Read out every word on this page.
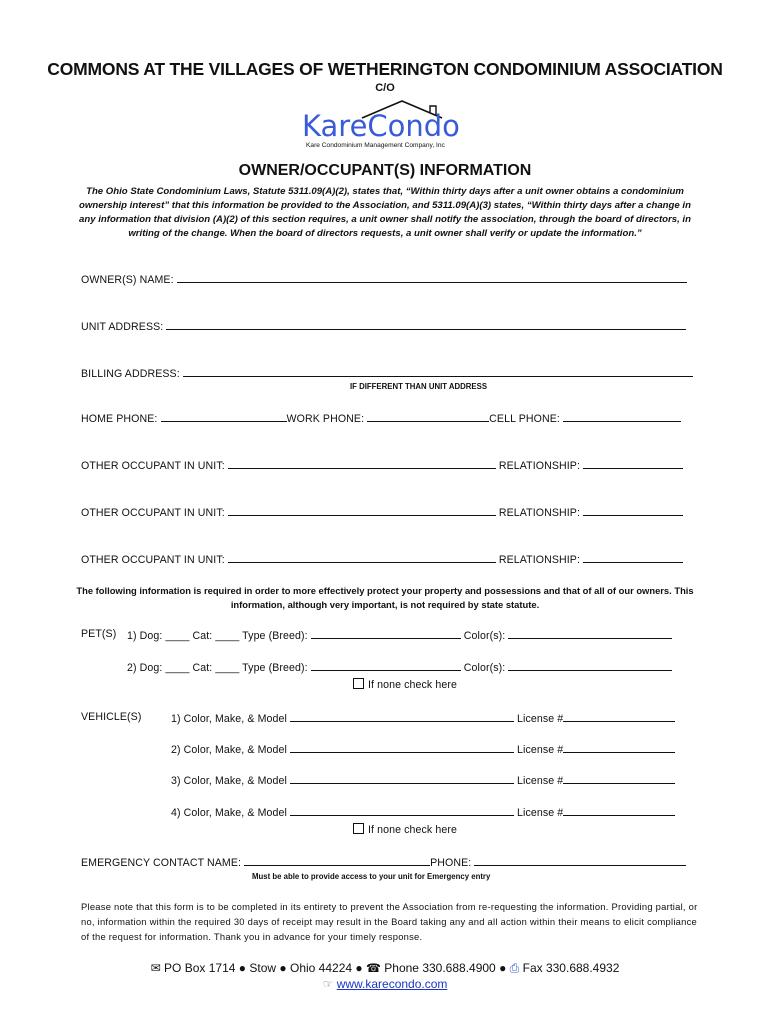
COMMONS AT THE VILLAGES OF WETHERINGTON CONDOMINIUM ASSOCIATION
C/O
KareCondo
Kare Condominium Management Company, Inc
OWNER/OCCUPANT(S) INFORMATION
The Ohio State Condominium Laws, Statute 5311.09(A)(2), states that, “Within thirty days after a unit owner obtains a condominium ownership interest” that this information be provided to the Association, and 5311.09(A)(3) states, “Within thirty days after a change in any information that division (A)(2) of this section requires, a unit owner shall notify the association, through the board of directors, in writing of the change. When the board of directors requests, a unit owner shall verify or update the information.”
OWNER(S) NAME:
UNIT ADDRESS:
BILLING ADDRESS:
IF DIFFERENT THAN UNIT ADDRESS
HOME PHONE:	WORK PHONE:	CELL PHONE:
OTHER OCCUPANT IN UNIT:	RELATIONSHIP:
OTHER OCCUPANT IN UNIT:	RELATIONSHIP:
OTHER OCCUPANT IN UNIT:	RELATIONSHIP:
The following information is required in order to more effectively protect your property and possessions and that of all of our owners. This information, although very important, is not required by state statute.
PET(S) 1) Dog: ____ Cat: ____ Type (Breed):	Color(s):
2) Dog: ____ Cat: ____ Type (Breed):	Color(s):
If none check here
VEHICLE(S)	1) Color, Make, & Model	License #
2) Color, Make, & Model	License #
3) Color, Make, & Model	License #
4) Color, Make, & Model	License #
If none check here
EMERGENCY CONTACT NAME:	PHONE:
Must be able to provide access to your unit for Emergency entry
Please note that this form is to be completed in its entirety to prevent the Association from re-requesting the information. Providing partial, or no, information within the required 30 days of receipt may result in the Board taking any and all action within their means to elicit compliance of the request for information. Thank you in advance for your timely response.
✉ PO Box 1714 ● Stow ● Ohio 44224 ● ☎ Phone 330.688.4900 ● ⎙ Fax 330.688.4932
☞ www.karecondo.com
